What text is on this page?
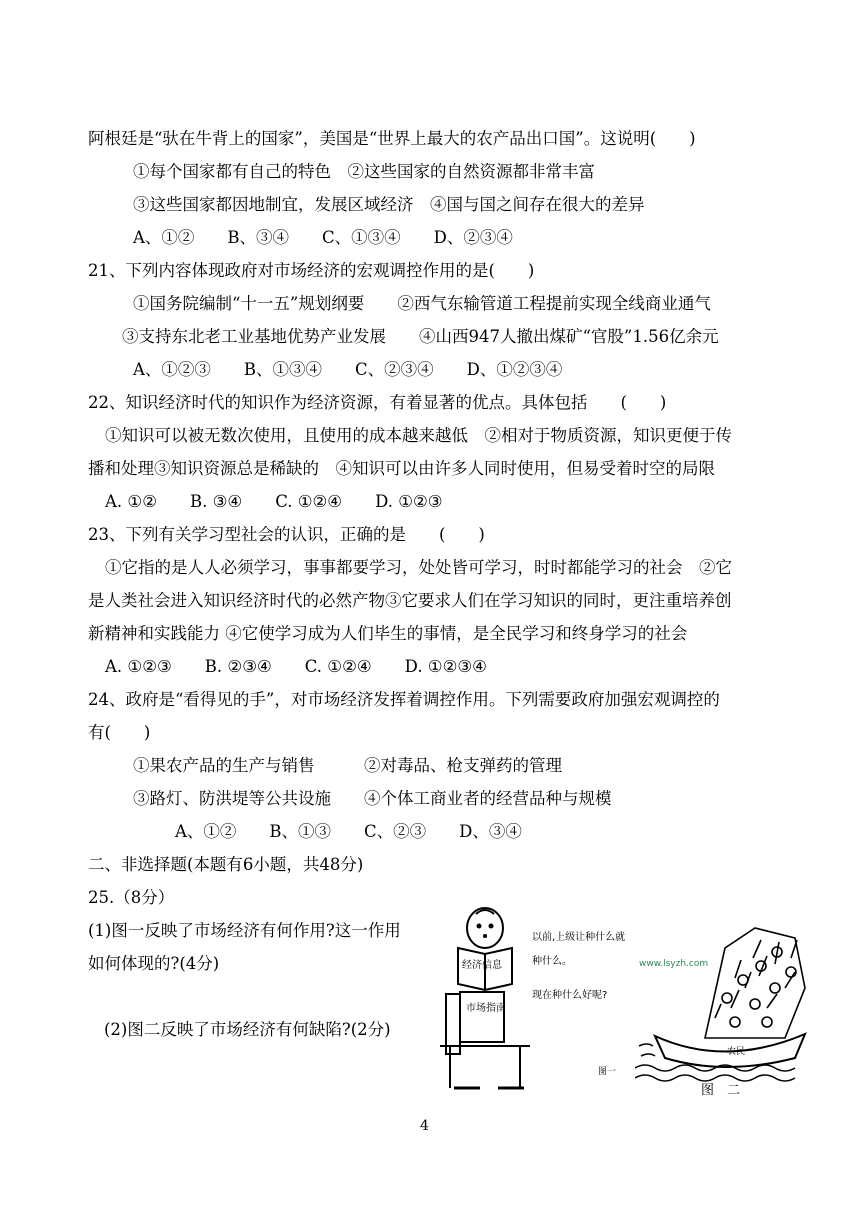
阿根廷是“驮在牛背上的国家”，美国是“世界上最大的农产品出口国”。这说明(　　)
①每个国家都有自己的特色　②这些国家的自然资源都非常丰富
③这些国家都因地制宜，发展区域经济　④国与国之间存在很大的差异
A、①②　　B、③④　　C、①③④　　D、②③④
21、下列内容体现政府对市场经济的宏观调控作用的是(　　)
①国务院编制“十一五”规划纲要　　②西气东输管道工程提前实现全线商业通气
③支持东北老工业基地优势产业发展　　④山西947人撤出煤矿“官股”1.56亿余元
A、①②③　　B、①③④　　C、②③④　　D、①②③④
22、知识经济时代的知识作为经济资源，有着显著的优点。具体包括　　(　　)
①知识可以被无数次使用，且使用的成本越来越低　②相对于物质资源，知识更便于传
播和处理③知识资源总是稀缺的　④知识可以由许多人同时使用，但易受着时空的局限
A. ①②　　B. ③④　　C. ①②④　　D. ①②③
23、下列有关学习型社会的认识，正确的是　　(　　)
①它指的是人人必须学习，事事都要学习，处处皆可学习，时时都能学习的社会　②它
是人类社会进入知识经济时代的必然产物③它要求人们在学习知识的同时，更注重培养创
新精神和实践能力 ④它使学习成为人们毕生的事情，是全民学习和终身学习的社会
A. ①②③　　B. ②③④　　C. ①②④　　D. ①②③④
24、政府是“看得见的手”，对市场经济发挥着调控作用。下列需要政府加强宏观调控的
有(　　)
①果农产品的生产与销售　　　②对毒品、枪支弹药的管理
③路灯、防洪堤等公共设施　　④个体工商业者的经营品种与规模
A、①②　　B、①③　　C、②③　　D、③④
二、非选择题(本题有6小题，共48分)
25.（8分）
(1)图一反映了市场经济有何作用?这一作用
如何体现的?(4分)
(2)图二反映了市场经济有何缺陷?(2分)
经济信息
市场指南
以前,上级让种什么就
种什么。
现在种什么好呢?
图一
www.lsyzh.com
农民
图　二
4
